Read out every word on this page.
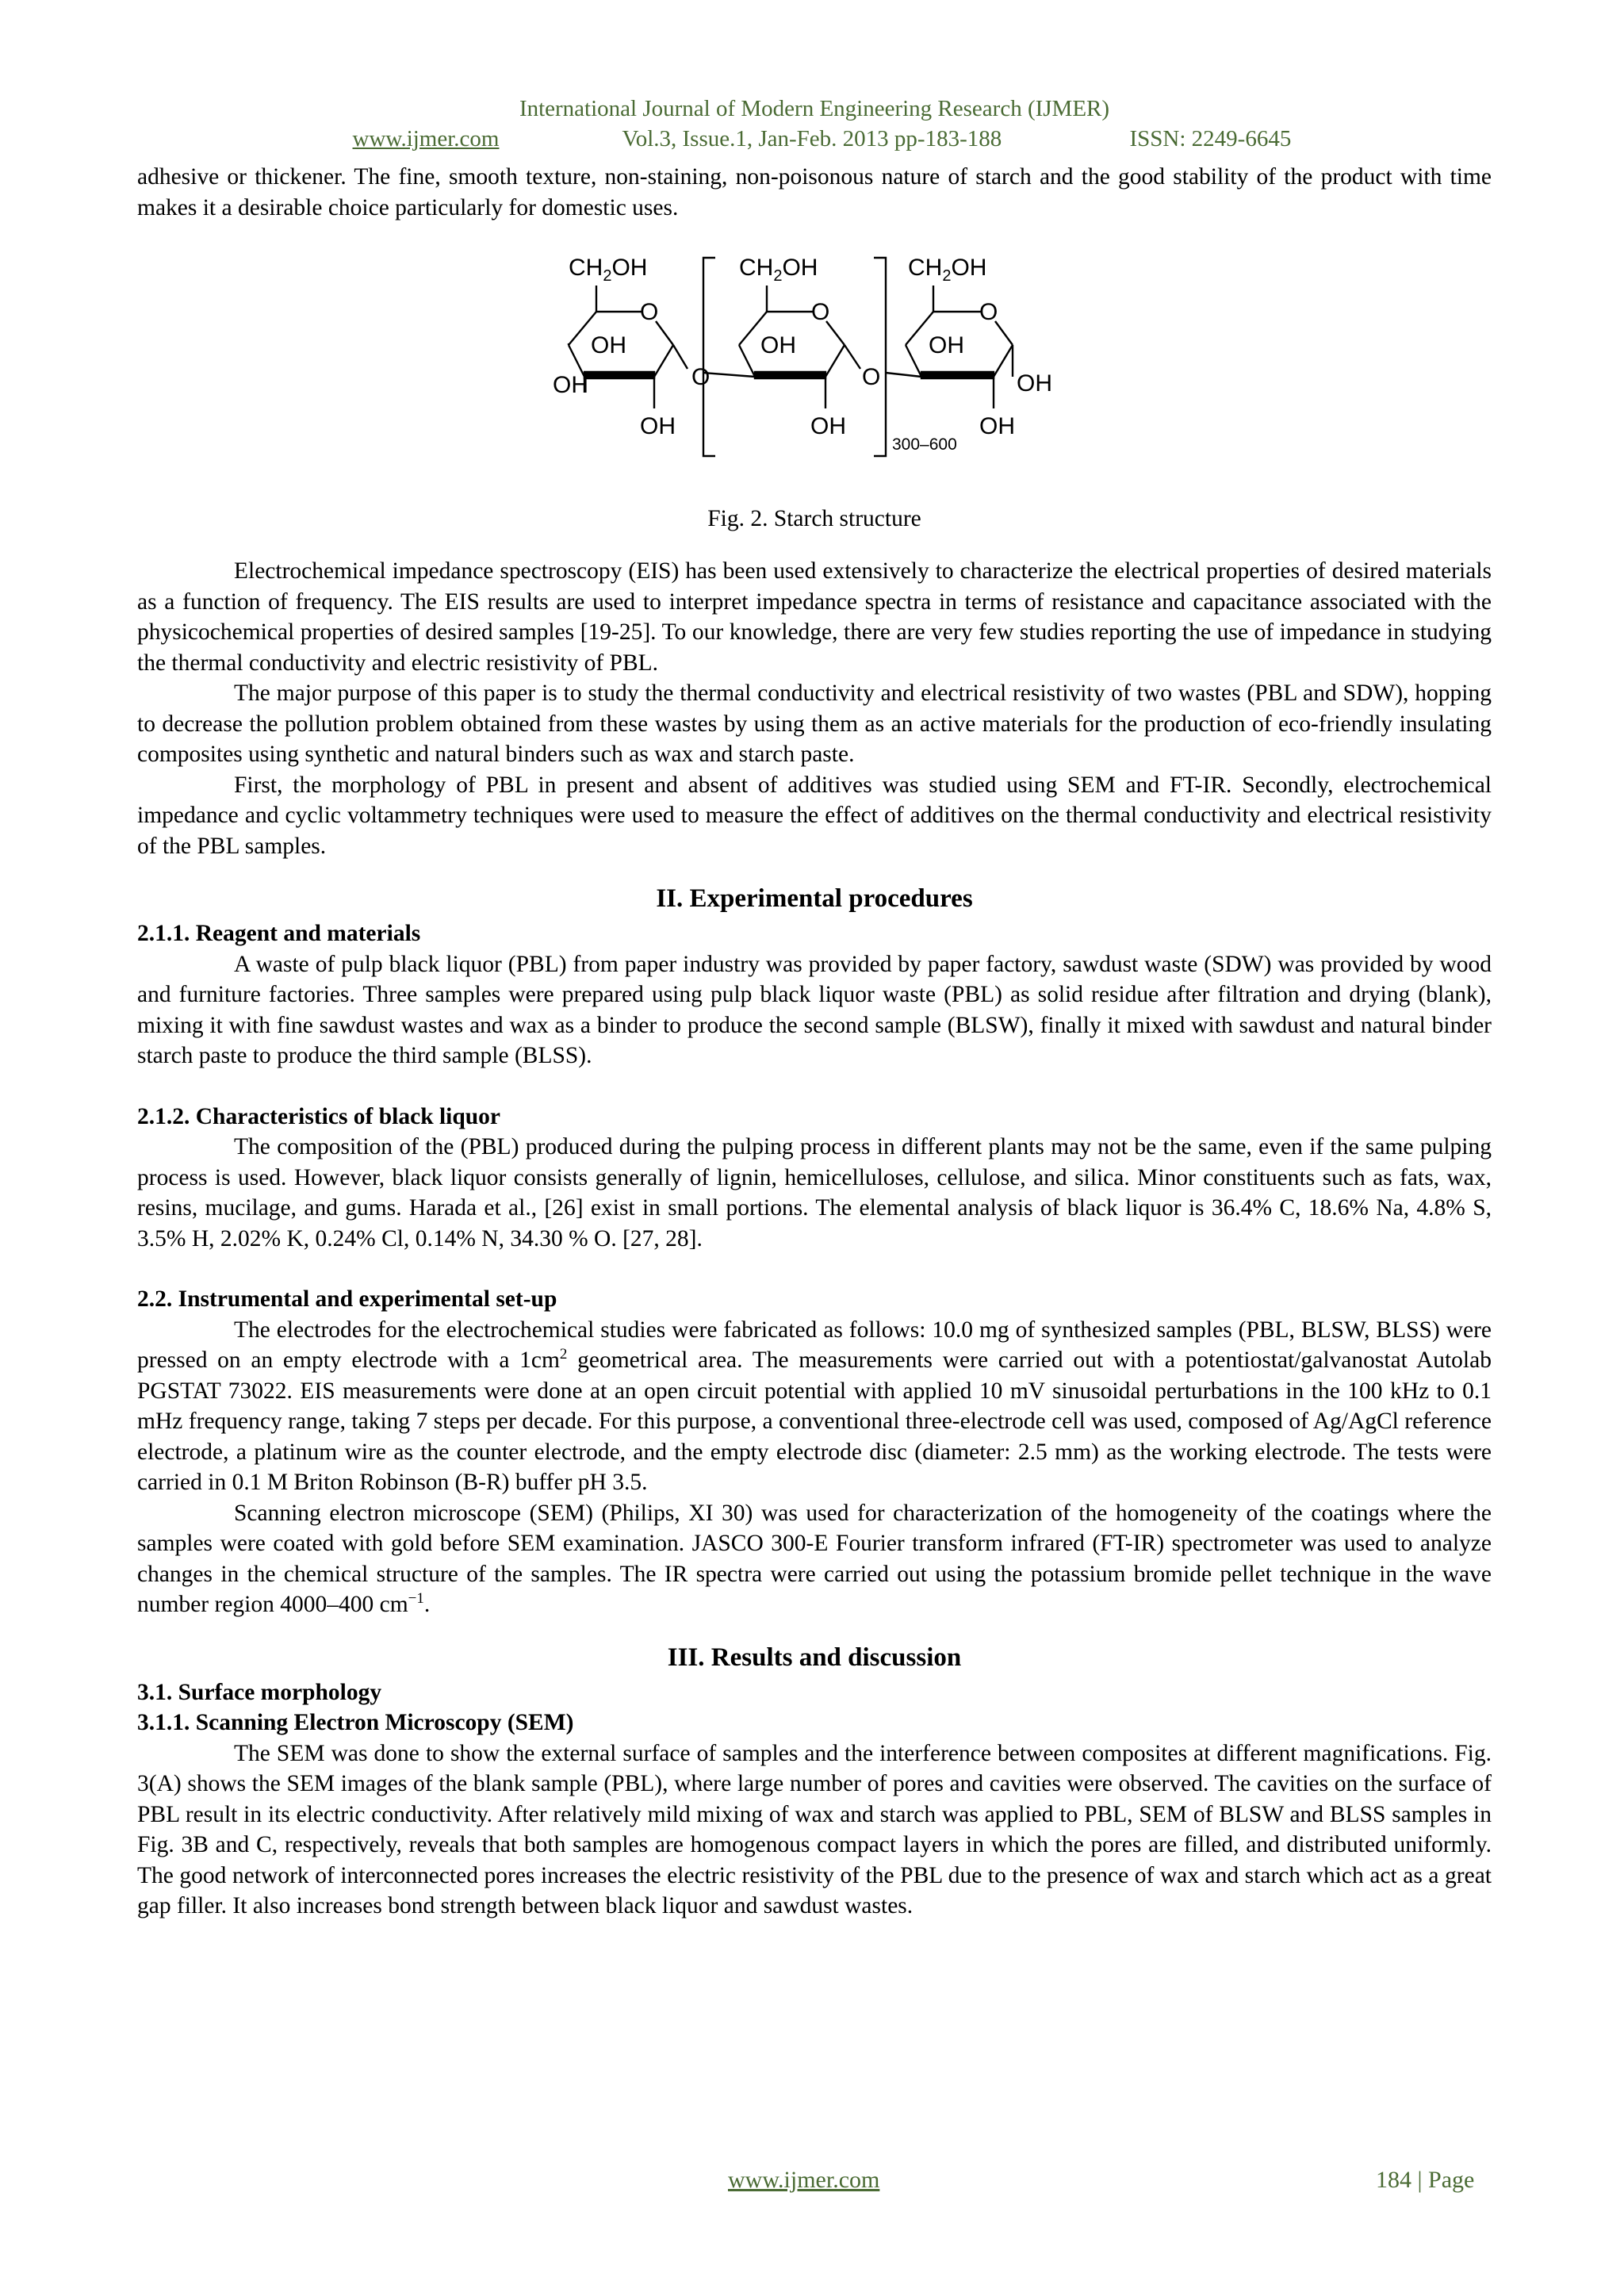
International Journal of Modern Engineering Research (IJMER)
www.ijmer.com	Vol.3, Issue.1, Jan-Feb. 2013 pp-183-188	ISSN: 2249-6645

adhesive or thickener. The fine, smooth texture, non-staining, non-poisonous nature of starch and the good stability of the product with time makes it a desirable choice particularly for domestic uses.

$CH_2OH$	$CH_2OH$	$CH_2OH$
O	O	O
OH	OH	OH
OH	O	O	OH
OH	OH	OH
300–600
Fig. 2. Starch structure

Electrochemical impedance spectroscopy (EIS) has been used extensively to characterize the electrical properties of desired materials as a function of frequency. The EIS results are used to interpret impedance spectra in terms of resistance and capacitance associated with the physicochemical properties of desired samples [19-25]. To our knowledge, there are very few studies reporting the use of impedance in studying the thermal conductivity and electric resistivity of PBL.

The major purpose of this paper is to study the thermal conductivity and electrical resistivity of two wastes (PBL and SDW), hopping to decrease the pollution problem obtained from these wastes by using them as an active materials for the production of eco-friendly insulating composites using synthetic and natural binders such as wax and starch paste.

First, the morphology of PBL in present and absent of additives was studied using SEM and FT-IR. Secondly, electrochemical impedance and cyclic voltammetry techniques were used to measure the effect of additives on the thermal conductivity and electrical resistivity of the PBL samples.

II. Experimental procedures
2.1.1. Reagent and materials

A waste of pulp black liquor (PBL) from paper industry was provided by paper factory, sawdust waste (SDW) was provided by wood and furniture factories. Three samples were prepared using pulp black liquor waste (PBL) as solid residue after filtration and drying (blank), mixing it with fine sawdust wastes and wax as a binder to produce the second sample (BLSW), finally it mixed with sawdust and natural binder starch paste to produce the third sample (BLSS).

2.1.2. Characteristics of black liquor

The composition of the (PBL) produced during the pulping process in different plants may not be the same, even if the same pulping process is used. However, black liquor consists generally of lignin, hemicelluloses, cellulose, and silica. Minor constituents such as fats, wax, resins, mucilage, and gums. Harada et al., [26] exist in small portions. The elemental analysis of black liquor is 36.4% C, 18.6% Na, 4.8% S, 3.5% H, 2.02% K, 0.24% Cl, 0.14% N, 34.30 % O. [27, 28].

2.2. Instrumental and experimental set-up

The electrodes for the electrochemical studies were fabricated as follows: 10.0 mg of synthesized samples (PBL, BLSW, BLSS) were pressed on an empty electrode with a $1cm^2$ geometrical area. The measurements were carried out with a potentiostat/galvanostat Autolab PGSTAT 73022. EIS measurements were done at an open circuit potential with applied 10 mV sinusoidal perturbations in the 100 kHz to 0.1 mHz frequency range, taking 7 steps per decade. For this purpose, a conventional three-electrode cell was used, composed of Ag/AgCl reference electrode, a platinum wire as the counter electrode, and the empty electrode disc (diameter: 2.5 mm) as the working electrode. The tests were carried in 0.1 M Briton Robinson (B-R) buffer pH 3.5.

Scanning electron microscope (SEM) (Philips, XI 30) was used for characterization of the homogeneity of the coatings where the samples were coated with gold before SEM examination. JASCO 300-E Fourier transform infrared (FT-IR) spectrometer was used to analyze changes in the chemical structure of the samples. The IR spectra were carried out using the potassium bromide pellet technique in the wave number region 4000–400 $cm^{-1}$.

III. Results and discussion
3.1. Surface morphology
3.1.1. Scanning Electron Microscopy (SEM)

The SEM was done to show the external surface of samples and the interference between composites at different magnifications. Fig. 3(A) shows the SEM images of the blank sample (PBL), where large number of pores and cavities were observed. The cavities on the surface of PBL result in its electric conductivity. After relatively mild mixing of wax and starch was applied to PBL, SEM of BLSW and BLSS samples in Fig. 3B and C, respectively, reveals that both samples are homogenous compact layers in which the pores are filled, and distributed uniformly. The good network of interconnected pores increases the electric resistivity of the PBL due to the presence of wax and starch which act as a great gap filler. It also increases bond strength between black liquor and sawdust wastes.

www.ijmer.com	184 | Page
